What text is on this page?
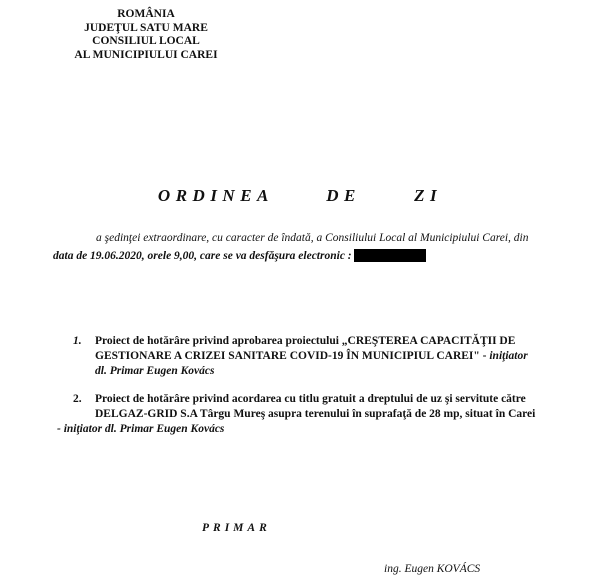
ROMÂNIA
JUDEŢUL SATU MARE
CONSILIUL LOCAL
AL MUNICIPIULUI CAREI
ORDINEA   DE   ZI
a şedinţei extraordinare, cu caracter de îndată, a Consiliului Local al Municipiului Carei, din
data de 19.06.2020, orele 9,00, care se va desfăşura electronic :
1. Proiect de hotărâre privind aprobarea proiectului „CREŞTEREA CAPACITĂŢII DE
GESTIONARE A CRIZEI SANITARE COVID-19 ÎN MUNICIPIUL CAREI" - iniţiator
dl. Primar Eugen Kovács
2. Proiect de hotărâre privind acordarea cu titlu gratuit a dreptului de uz şi servitute către
DELGAZ-GRID S.A Târgu Mureş asupra terenului în suprafaţă de 28 mp, situat în Carei
- iniţiator dl. Primar Eugen Kovács
PRIMAR
ing. Eugen KOVÁCS
